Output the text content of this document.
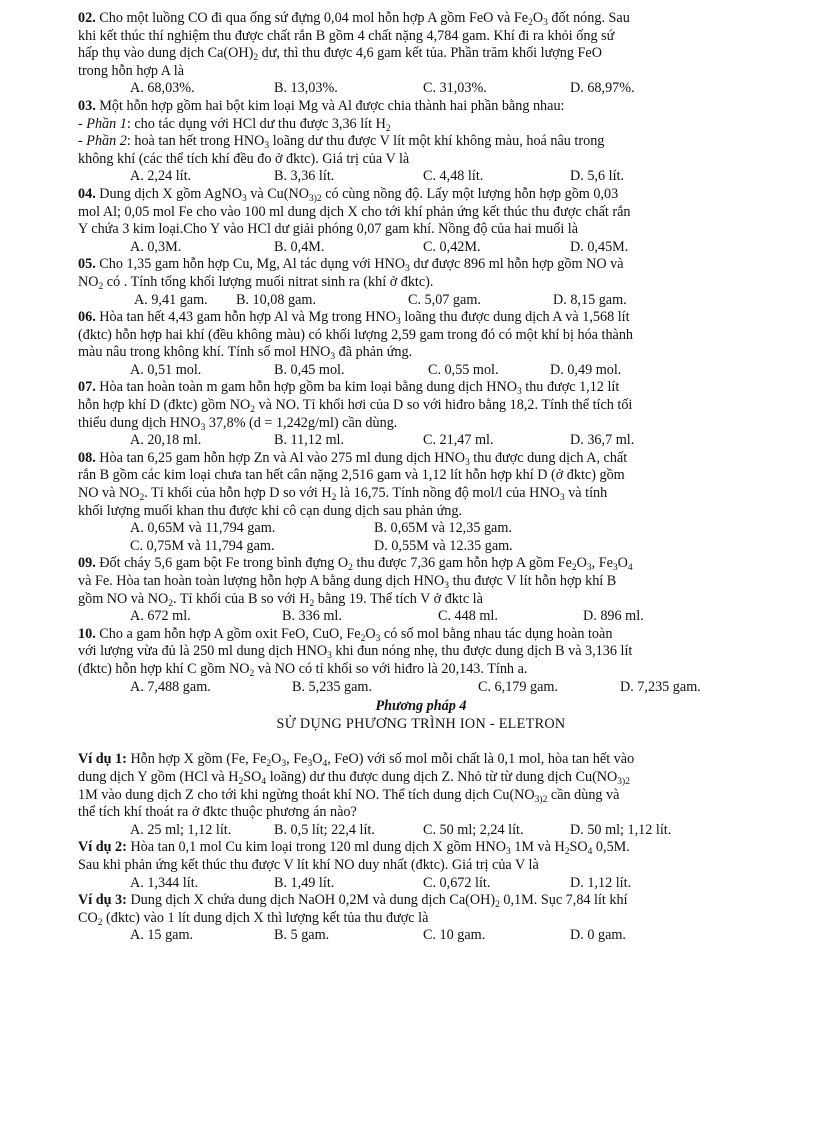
02. Cho một luồng CO đi qua ống sứ đựng 0,04 mol hỗn hợp A gồm FeO và $Fe_2O_3$ đốt nóng. Sau

khi kết thúc thí nghiệm thu được chất rắn B gồm 4 chất nặng 4,784 gam. Khí đi ra khỏi ống sứ

hấp thụ vào dung dịch $Ca(OH)_2$ dư, thì thu được 4,6 gam kết tủa. Phần trăm khối lượng FeO

trong hỗn hợp A là

A. 68,03%.	B. 13,03%.	C. 31,03%.	D. 68,97%.

03. Một hỗn hợp gồm hai bột kim loại Mg và Al được chia thành hai phần bằng nhau:

- Phần 1: cho tác dụng với HCl dư thu được 3,36 lít $H_2$

- Phần 2: hoà tan hết trong $HNO_3$ loãng dư thu được V lít một khí không màu, hoá nâu trong

không khí (các thể tích khí đều đo ở đktc). Giá trị của V là

A. 2,24 lít.	B. 3,36 lít.	C. 4,48 lít.	D. 5,6 lít.

04. Dung dịch X gồm AgNO$_3$ và $Cu(NO_{3)2}$ có cùng nồng độ. Lấy một lượng hỗn hợp gồm 0,03

mol Al; 0,05 mol Fe cho vào 100 ml dung dịch X cho tới khí phản ứng kết thúc thu được chất rắn

Y chứa 3 kim loại.Cho Y vào HCl dư giải phóng 0,07 gam khí. Nồng độ của hai muối là

A. 0,3M.	B. 0,4M.	C. 0,42M.	D. 0,45M.

05. Cho 1,35 gam hỗn hợp Cu, Mg, Al tác dụng với $HNO_3$ dư được 896 ml hỗn hợp gồm NO và

$NO_2$ có . Tính tổng khối lượng muối nitrat sinh ra (khí ở đktc).

A. 9,41 gam. B. 10,08 gam.	C. 5,07 gam.	D. 8,15 gam.

06. Hòa tan hết 4,43 gam hỗn hợp Al và Mg trong $HNO_3$ loãng thu được dung dịch A và 1,568 lít

(đktc) hỗn hợp hai khí (đều không màu) có khối lượng 2,59 gam trong đó có một khí bị hóa thành

màu nâu trong không khí. Tính số mol $HNO_3$ đã phản ứng.

A. 0,51 mol.	B. 0,45 mol.	C. 0,55 mol.	D. 0,49 mol.

07. Hòa tan hoàn toàn m gam hỗn hợp gồm ba kim loại bằng dung dịch $HNO_3$ thu được 1,12 lít

hỗn hợp khí D (đktc) gồm $NO_2$ và NO. Tỉ khối hơi của D so với hiđro bằng 18,2. Tính thể tích tối

thiểu dung dịch $HNO_3$ 37,8% (d = 1,242g/ml) cần dùng.

A. 20,18 ml.	B. 11,12 ml.	C. 21,47 ml.	D. 36,7 ml.

08. Hòa tan 6,25 gam hỗn hợp Zn và Al vào 275 ml dung dịch $HNO_3$ thu được dung dịch A, chất

rắn B gồm các kim loại chưa tan hết cân nặng 2,516 gam và 1,12 lít hỗn hợp khí D (ở đktc) gồm

NO và $NO_2$. Tỉ khối của hỗn hợp D so với $H_2$ là 16,75. Tính nồng độ mol/l của $HNO_3$ và tính

khối lượng muối khan thu được khi cô cạn dung dịch sau phản ứng.

A. 0,65M và 11,794 gam.	B. 0,65M và 12,35 gam.
C. 0,75M và 11,794 gam.	D. 0,55M và 12.35 gam.

09. Đốt cháy 5,6 gam bột Fe trong bình đựng $O_2$ thu được 7,36 gam hỗn hợp A gồm $Fe_2O_3$, $Fe_3O_4$

và Fe. Hòa tan hoàn toàn lượng hỗn hợp A bằng dung dịch $HNO_3$ thu được V lít hỗn hợp khí B

gồm NO và $NO_2$. Tỉ khối của B so với $H_2$ bằng 19. Thể tích V ở đktc là

A. 672 ml.	B. 336 ml.	C. 448 ml.	D. 896 ml.

10. Cho a gam hỗn hợp A gồm oxit FeO, CuO, $Fe_2O_3$ có số mol bằng nhau tác dụng hoàn toàn

với lượng vừa đủ là 250 ml dung dịch $HNO_3$ khi đun nóng nhẹ, thu được dung dịch B và 3,136 lít

(đktc) hỗn hợp khí C gồm $NO_2$ và NO có tỉ khối so với hiđro là 20,143. Tính a.

A. 7,488 gam.	B. 5,235 gam.	C. 6,179 gam.	D. 7,235 gam.
Phương pháp 4
SỬ DỤNG PHƯƠNG TRÌNH ION - ELETRON

Ví dụ 1: Hỗn hợp X gồm (Fe, $Fe_2O_3$, $Fe_3O_4$, FeO) với số mol mỗi chất là 0,1 mol, hòa tan hết vào

dung dịch Y gồm (HCl và $H_2SO_4$ loãng) dư thu được dung dịch Z. Nhỏ từ từ dung dịch $Cu(NO_{3)2}$

1M vào dung dịch Z cho tới khi ngừng thoát khí NO. Thể tích dung dịch $Cu(NO_{3)2}$ cần dùng và

thể tích khí thoát ra ở đktc thuộc phương án nào?

A. 25 ml; 1,12 lít.	B. 0,5 lít; 22,4 lít.	C. 50 ml; 2,24 lít.	D. 50 ml; 1,12 lít.

Ví dụ 2: Hòa tan 0,1 mol Cu kim loại trong 120 ml dung dịch X gồm $HNO_3$ 1M và $H_2SO_4$ 0,5M.

Sau khi phản ứng kết thúc thu được V lít khí NO duy nhất (đktc). Giá trị của V là

A. 1,344 lít.	B. 1,49 lít.	C. 0,672 lít.	D. 1,12 lít.

Ví dụ 3: Dung dịch X chứa dung dịch NaOH 0,2M và dung dịch $Ca(OH)_2$ 0,1M. Sục 7,84 lít khí

$CO_2$ (đktc) vào 1 lít dung dịch X thì lượng kết tủa thu được là

A. 15 gam.	B. 5 gam.	C. 10 gam.	D. 0 gam.
